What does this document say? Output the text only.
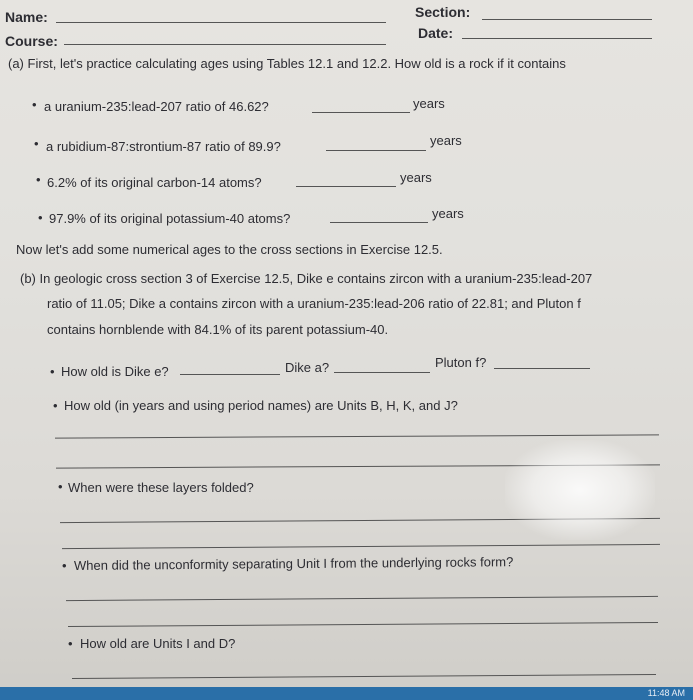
Name:
Course:
Section:
Date:
(a) First, let's practice calculating ages using Tables 12.1 and 12.2. How old is a rock if it contains
• a uranium-235:lead-207 ratio of 46.62?	years
• a rubidium-87:strontium-87 ratio of 89.9?	years
• 6.2% of its original carbon-14 atoms?	years
• 97.9% of its original potassium-40 atoms?	years
Now let's add some numerical ages to the cross sections in Exercise 12.5.
(b) In geologic cross section 3 of Exercise 12.5, Dike e contains zircon with a uranium-235:lead-207
ratio of 11.05; Dike a contains zircon with a uranium-235:lead-206 ratio of 22.81; and Pluton f
contains hornblende with 84.1% of its parent potassium-40.
• How old is Dike e?	Dike a?	Pluton f?
• How old (in years and using period names) are Units B, H, K, and J?
• When were these layers folded?
• When did the unconformity separating Unit I from the underlying rocks form?
• How old are Units I and D?
11:48 AM
